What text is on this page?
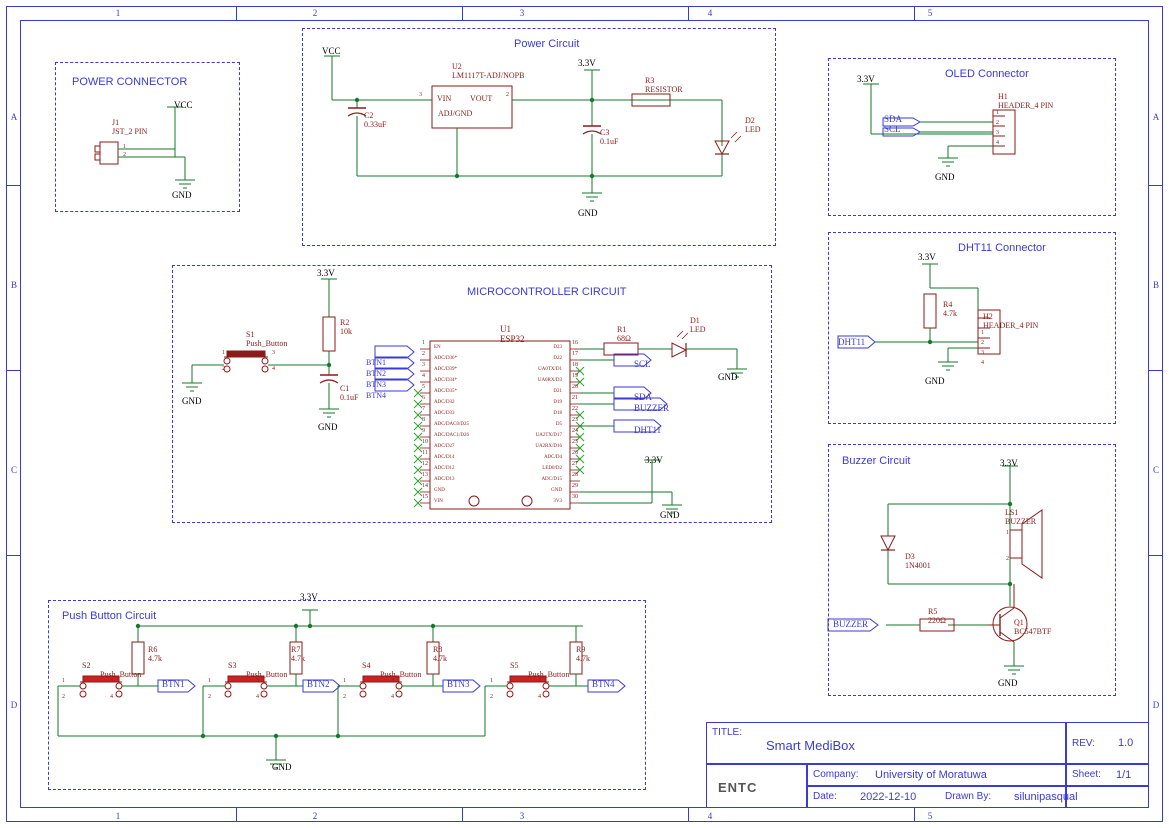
1	2	3	4	5
1	2	3	4	5
A
B
C
D
A
B
C
D
POWER CONNECTOR
VCC
J1
JST_2 PIN
1
2
GND
Power Circuit
VCC
3.3V
U2
LM1117T-ADJ/NOPB
VIN VOUT
ADJ/GND
3	2
C2
0.33uF
C3
0.1uF
R3
RESISTOR
D2
LED
GND
OLED Connector
3.3V
SDA
SCL
H1
HEADER_4 PIN
1
2
3
4
GND
DHT11 Connector
3.3V
R4
4.7k
DHT11
H2
HEADER_4 PIN
1
2
3
4
GND
MICROCONTROLLER CIRCUIT
3.3V
S1
Push_Button
1	3
2	4
R2
10k
C1
0.1uF
GND
GND
U1
ESP32
BTN1
BTN2
BTN3
BTN4
R1
68Ω
D1
LED
SCL
SDA
BUZZER
DHT11
GND
GND
3.3V
1
EN
2
ADC/D36*
3
ADC/D39*
4
ADC/D34*
5
ADC/D35*
6
ADC/D32
7
ADC/D33
8
ADC/DAC0/D25
9
ADC/DAC1/D26
10
ADC/D27
11
ADC/D14
12
ADC/D12
13
ADC/D13
14
GND
15
VIN
16
D23
17
D22
18
UA0TX/D1
19
UA0RX/D3
20
D21
21
D19
22
D18
23
D5
24
UA2TX/D17
25
UA2RX/D16
26
ADC/D4
27
LED0/D2
28
ADC/D15
29
GND
30
3V3
Push Button Circuit
3.3V
GND
S2
Push_Button
1	3
2	4
S3
Push_Button
1	3
2	4
S4
Push_Button
1	3
2	4
S5
Push_Button
1	3
2	4
R6
4.7k
R7
4.7k
R8
4.7k
R9
4.7k
BTN1	BTN2	BTN3	BTN4
Buzzer Circuit	3.3V
LS1
BUZZER
1
2
D3
1N4001
R5
220Ω	Q1
BC547BTF
BUZZER
GND
TITLE:
Smart MediBox	REV: 1.0
Company: University of Moratuwa	Sheet: 1/1
Date: 2022-12-10	Drawn By: silunipasqual
ENTC
